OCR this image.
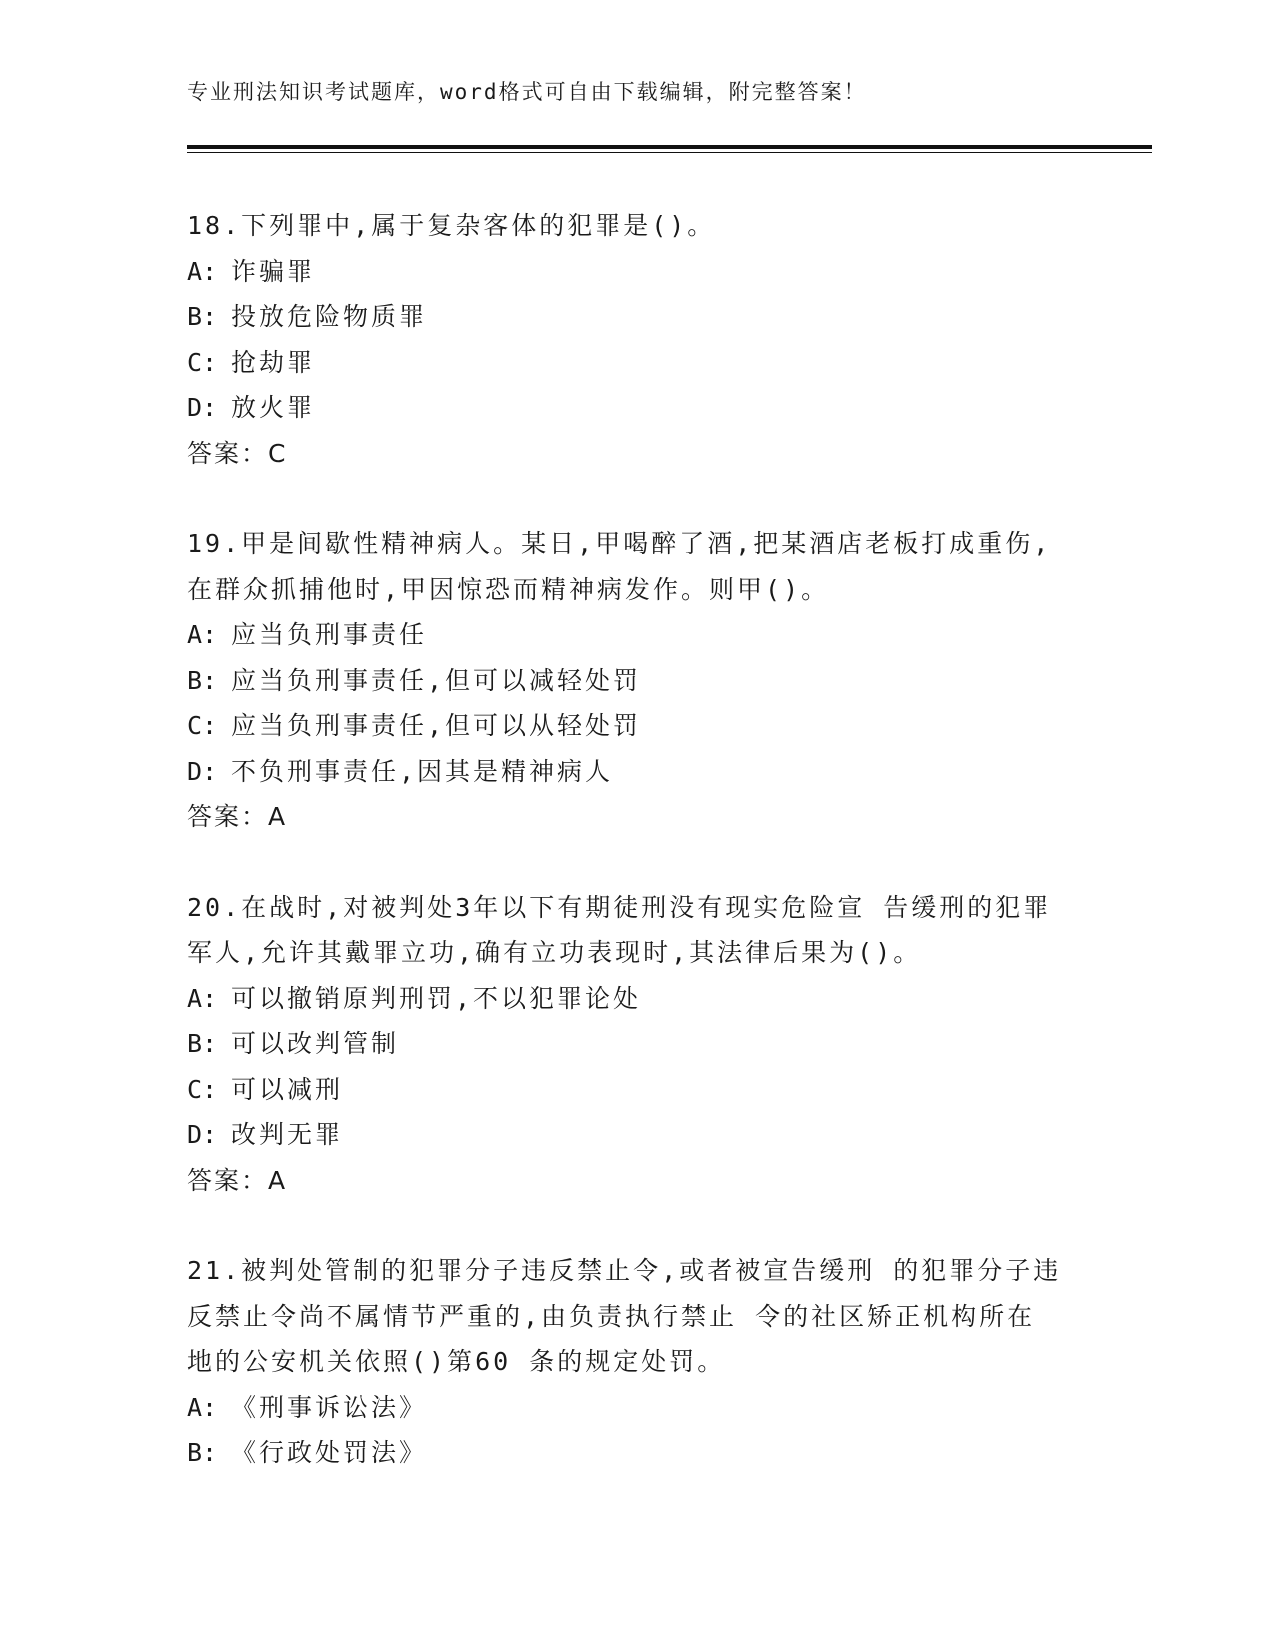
专业刑法知识考试题库，word格式可自由下载编辑，附完整答案！
18.下列罪中,属于复杂客体的犯罪是()。
A: 诈骗罪
B: 投放危险物质罪
C: 抢劫罪
D: 放火罪
答案：C
19.甲是间歇性精神病人。某日,甲喝醉了酒,把某酒店老板打成重伤,
在群众抓捕他时,甲因惊恐而精神病发作。则甲()。
A: 应当负刑事责任
B: 应当负刑事责任,但可以减轻处罚
C: 应当负刑事责任,但可以从轻处罚
D: 不负刑事责任,因其是精神病人
答案：A
20.在战时,对被判处3年以下有期徒刑没有现实危险宣 告缓刑的犯罪
军人,允许其戴罪立功,确有立功表现时,其法律后果为()。
A: 可以撤销原判刑罚,不以犯罪论处
B: 可以改判管制
C: 可以减刑
D: 改判无罪
答案：A
21.被判处管制的犯罪分子违反禁止令,或者被宣告缓刑 的犯罪分子违
反禁止令尚不属情节严重的,由负责执行禁止 令的社区矫正机构所在
地的公安机关依照()第60 条的规定处罚。
A: 《刑事诉讼法》
B: 《行政处罚法》
